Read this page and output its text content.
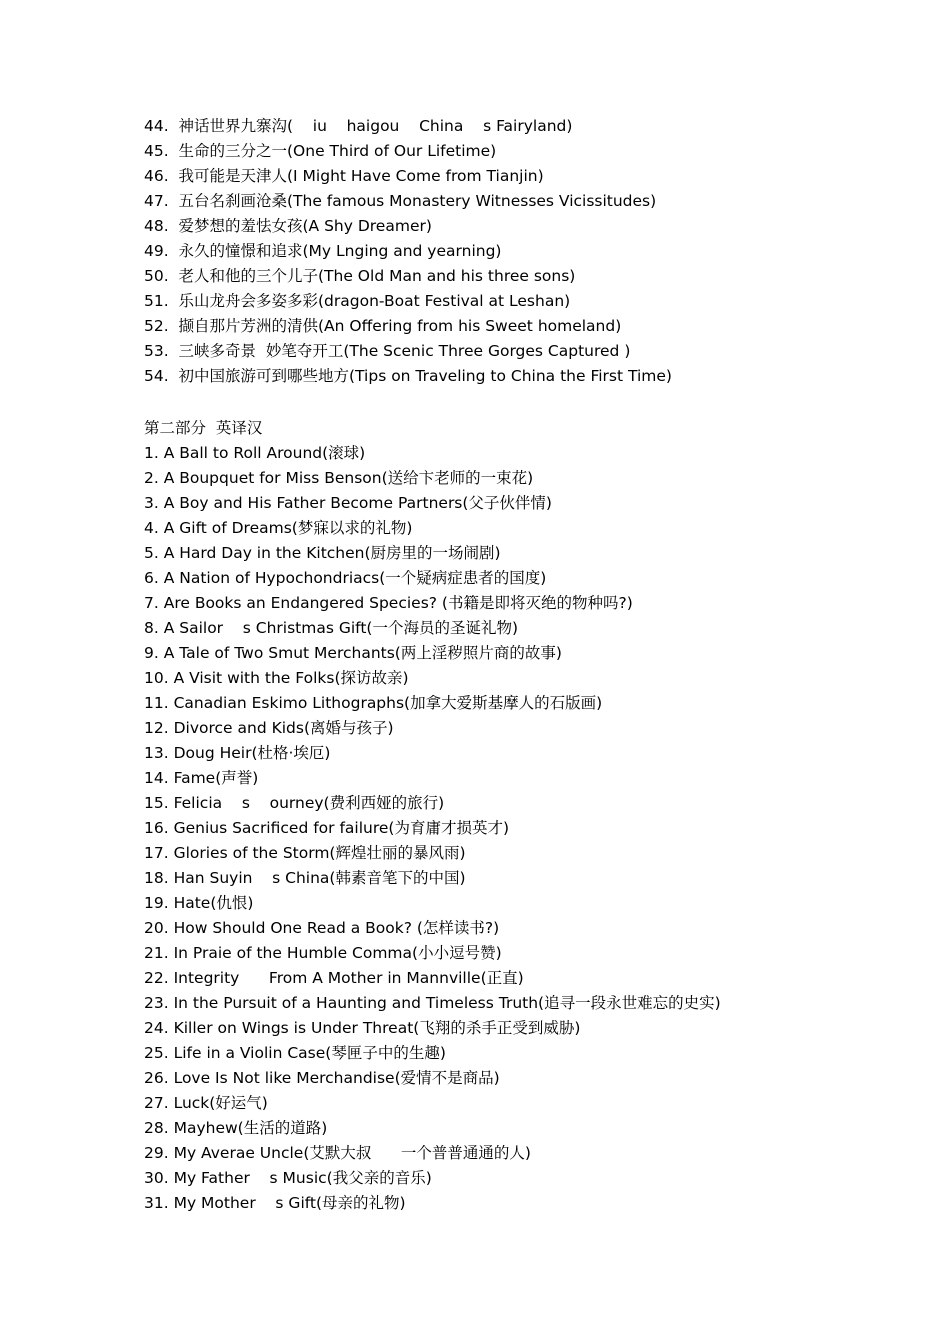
44.  神话世界九寨沟(    iu    haigou    China    s Fairyland)
45.  生命的三分之一(One Third of Our Lifetime)
46.  我可能是天津人(I Might Have Come from Tianjin)
47.  五台名刹画沧桑(The famous Monastery Witnesses Vicissitudes)
48.  爱梦想的羞怯女孩(A Shy Dreamer)
49.  永久的憧憬和追求(My Lnging and yearning)
50.  老人和他的三个儿子(The Old Man and his three sons)
51.  乐山龙舟会多姿多彩(dragon-Boat Festival at Leshan)
52.  撷自那片芳洲的清供(An Offering from his Sweet homeland)
53.  三峡多奇景  妙笔夺开工(The Scenic Three Gorges Captured )
54.  初中国旅游可到哪些地方(Tips on Traveling to China the First Time)
第二部分  英译汉
1. A Ball to Roll Around(滚球)
2. A Boupquet for Miss Benson(送给卞老师的一束花)
3. A Boy and His Father Become Partners(父子伙伴情)
4. A Gift of Dreams(梦寐以求的礼物)
5. A Hard Day in the Kitchen(厨房里的一场闹剧)
6. A Nation of Hypochondriacs(一个疑病症患者的国度)
7. Are Books an Endangered Species? (书籍是即将灭绝的物种吗?)
8. A Sailor    s Christmas Gift(一个海员的圣诞礼物)
9. A Tale of Two Smut Merchants(两上淫秽照片商的故事)
10. A Visit with the Folks(探访故亲)
11. Canadian Eskimo Lithographs(加拿大爱斯基摩人的石版画)
12. Divorce and Kids(离婚与孩子)
13. Doug Heir(杜格·埃厄)
14. Fame(声誉)
15. Felicia    s    ourney(费利西娅的旅行)
16. Genius Sacrificed for failure(为育庸才损英才)
17. Glories of the Storm(辉煌壮丽的暴风雨)
18. Han Suyin    s China(韩素音笔下的中国)
19. Hate(仇恨)
20. How Should One Read a Book? (怎样读书?)
21. In Praie of the Humble Comma(小小逗号赞)
22. Integrity      From A Mother in Mannville(正直)
23. In the Pursuit of a Haunting and Timeless Truth(追寻一段永世难忘的史实)
24. Killer on Wings is Under Threat(飞翔的杀手正受到威胁)
25. Life in a Violin Case(琴匣子中的生趣)
26. Love Is Not like Merchandise(爱情不是商品)
27. Luck(好运气)
28. Mayhew(生活的道路)
29. My Averae Uncle(艾默大叔      一个普普通通的人)
30. My Father    s Music(我父亲的音乐)
31. My Mother    s Gift(母亲的礼物)
